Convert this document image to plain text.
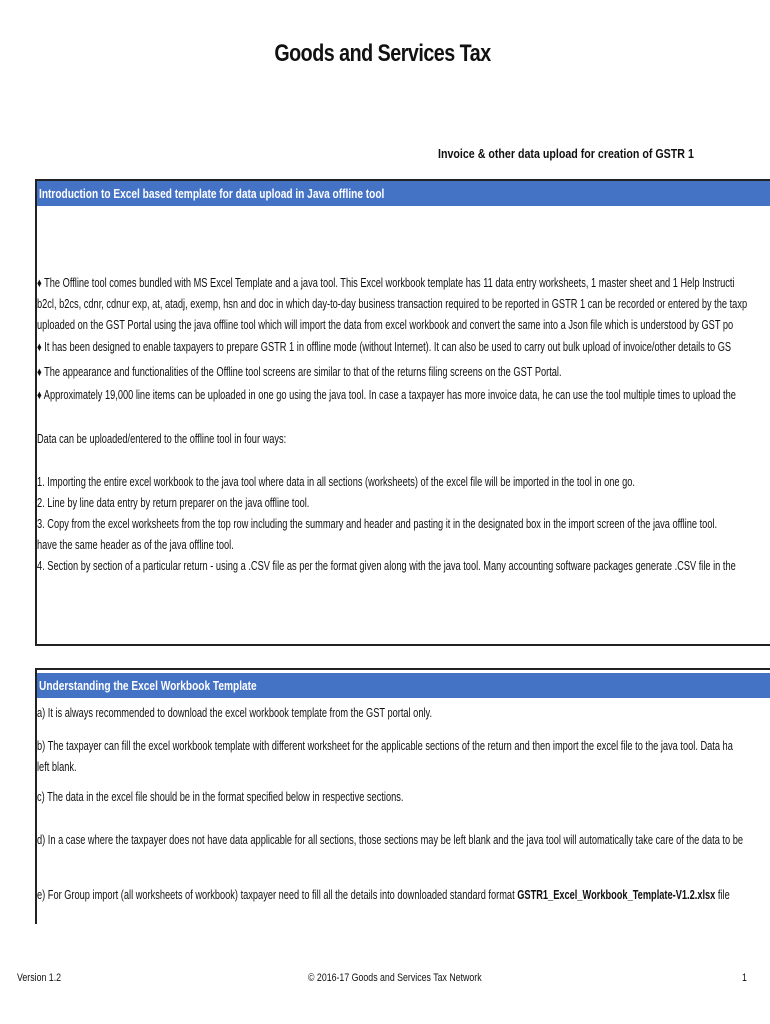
Goods and Services Tax
Invoice & other data upload for creation of GSTR 1
Introduction to Excel based template for data upload in Java offline tool
♦ The Offline tool comes bundled with MS Excel Template and a java tool. This Excel workbook template has 11 data entry worksheets, 1 master sheet and 1 Help Instructi
b2cl, b2cs, cdnr, cdnur exp, at, atadj, exemp, hsn and doc in which day-to-day business transaction required to be reported in GSTR 1 can be recorded or entered by the taxp
uploaded on the GST Portal using the java offline tool which will import the data from excel workbook and convert the same into a Json file which is understood by GST po
♦ It has been designed to enable taxpayers to prepare GSTR 1 in offline mode (without Internet). It can also be used to carry out bulk upload of invoice/other details to GS
♦ The appearance and functionalities of the Offline tool screens are similar to that of the returns filing screens on the GST Portal.
♦ Approximately 19,000 line items can be uploaded in one go using the java tool. In case a taxpayer has more invoice data, he can use the tool multiple times to upload the
Data can be uploaded/entered to the offline tool in four ways:
1. Importing the entire excel workbook to the java tool where data in all sections (worksheets) of the excel file will be imported in the tool in one go.
2. Line by line data entry by return preparer on the java offline tool.
3. Copy from the excel worksheets from the top row including the summary and header and pasting it in the designated box in the import screen of the java offline tool.
have the same header as of the java offline tool.
4. Section by section of a particular return - using a .CSV file as per the format given along with the java tool. Many accounting software packages generate .CSV file in the
Understanding the Excel Workbook Template
a) It is always recommended to download the excel workbook template from the GST portal only.
b) The taxpayer can fill the excel workbook template with different worksheet for the applicable sections of the return and then import the excel file to the java tool. Data ha
left blank.
c) The data in the excel file should be in the format specified below in respective sections.
d) In a case where the taxpayer does not have data applicable for all sections, those sections may be left blank and the java tool will automatically take care of the data to be
e) For Group import (all worksheets of workbook) taxpayer need to fill all the details into downloaded standard format GSTR1_Excel_Workbook_Template-V1.2.xlsx file
Version 1.2	© 2016-17 Goods and Services Tax Network	1
